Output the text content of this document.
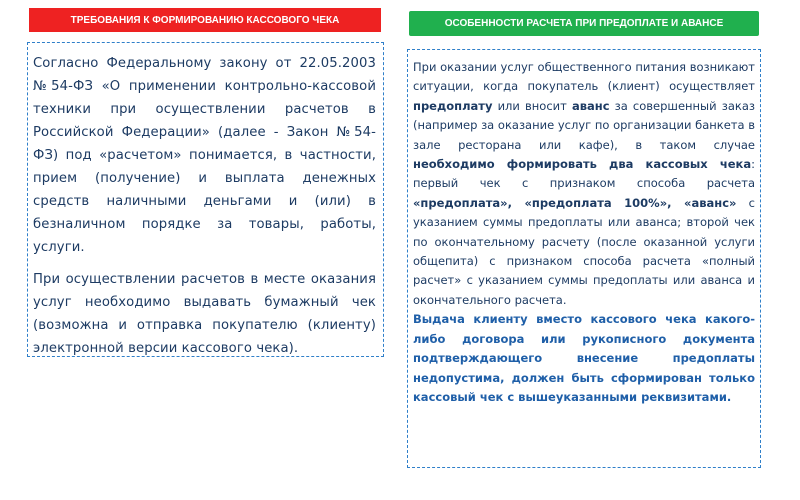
ТРЕБОВАНИЯ К ФОРМИРОВАНИЮ КАССОВОГО ЧЕКА

Согласно Федеральному закону от 22.05.2003 №54-ФЗ «О применении контрольно-кассовой техники при осуществлении расчетов в Российской Федерации» (далее - Закон №54-ФЗ) под «расчетом» понимается, в частности, прием (получение) и выплата денежных средств наличными деньгами и (или) в безналичном порядке за товары, работы, услуги.

При осуществлении расчетов в месте оказания услуг необходимо выдавать бумажный чек (возможна и отправка покупателю (клиенту) электронной версии кассового чека).

ОСОБЕННОСТИ РАСЧЕТА ПРИ ПРЕДОПЛАТЕ И АВАНСЕ

При оказании услуг общественного питания возникают ситуации, когда покупатель (клиент) осуществляет предоплату или вносит аванс за совершенный заказ (например за оказание услуг по организации банкета в зале ресторана или кафе), в таком случае необходимо формировать два кассовых чека: первый чек с признаком способа расчета «предоплата», «предоплата 100%», «аванс» с указанием суммы предоплаты или аванса; второй чек по окончательному расчету (после оказанной услуги общепита) с признаком способа расчета «полный расчет» с указанием суммы предоплаты или аванса и окончательного расчета.

Выдача клиенту вместо кассового чека какого-либо договора или рукописного документа подтверждающего внесение предоплаты недопустима, должен быть сформирован только кассовый чек с вышеуказанными реквизитами.
